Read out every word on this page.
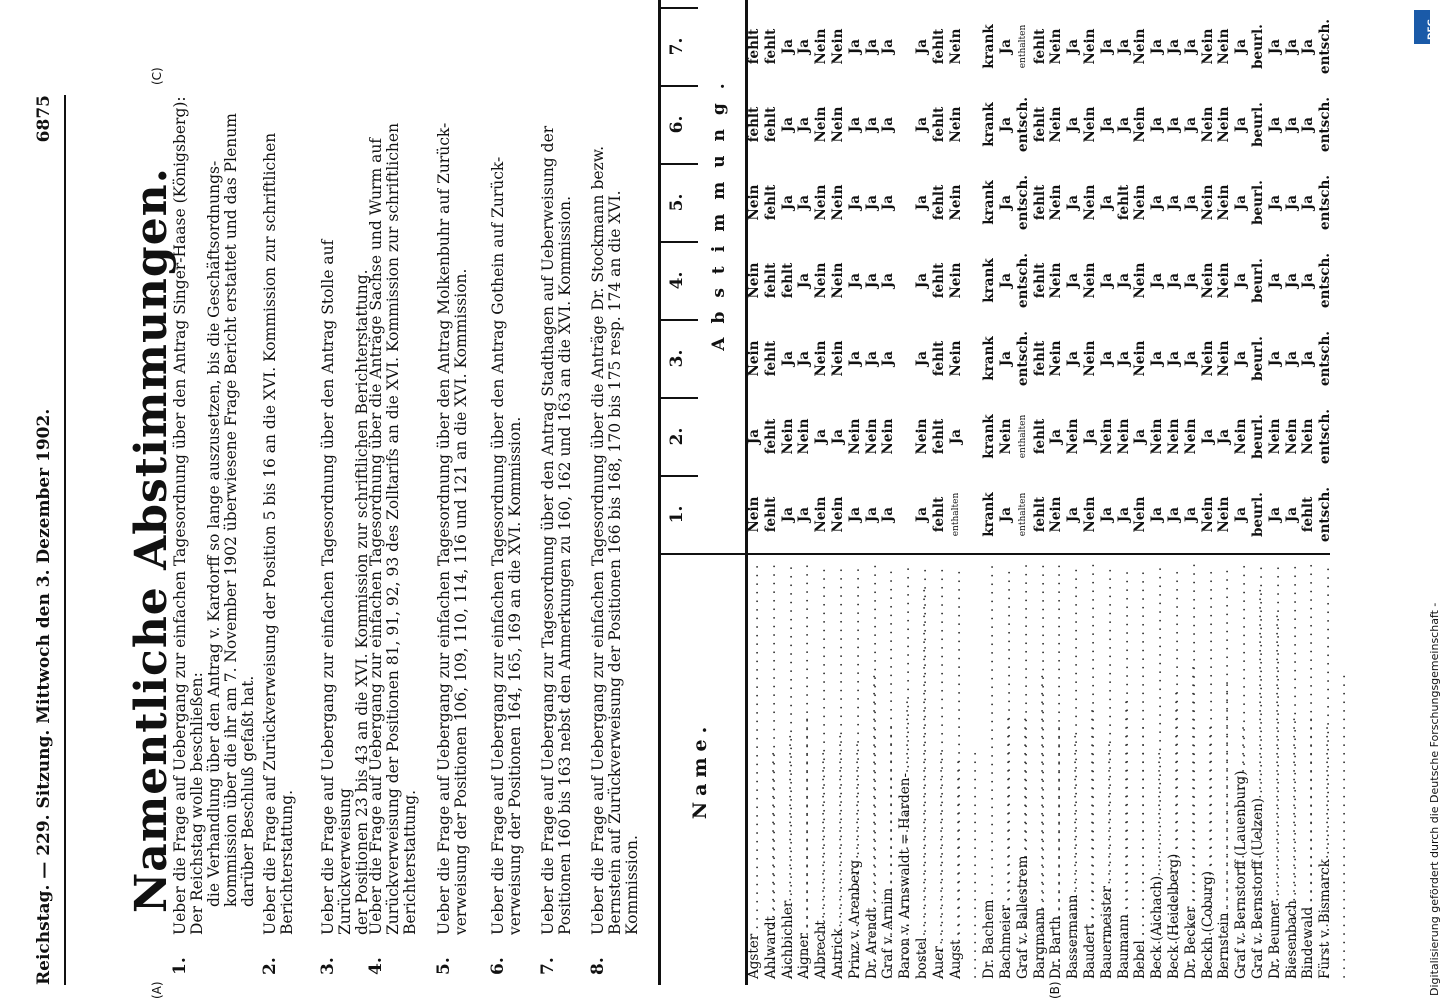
Reichstag. — 229. Sitzung. Mittwoch den 3. Dezember 1902.
6875
(A)
(C)
Namentliche Abstimmungen.
1.

Ueber die Frage auf Uebergang zur einfachen Tagesordnung über den Antrag Singer-Haase (Königsberg): Der Reichstag wolle beschließen: die Verhandlung über den Antrag v. Kardorff so lange auszusetzen, bis die Geschäftsordnungs- kommission über die ihr am 7. November 1902 überwiesene Frage Bericht erstattet und das Plenum darüber Beschluß gefaßt hat.

2.

Ueber die Frage auf Zurückverweisung der Position 5 bis 16 an die XVI. Kommission zur schriftlichen Berichterstattung.

3.

Ueber die Frage auf Uebergang zur einfachen Tagesordnung über den Antrag Stolle auf Zurückverweisung der Positionen 23 bis 43 an die XVI. Kommission zur schriftlichen Berichterstattung.

4.

Ueber die Frage auf Uebergang zur einfachen Tagesordnung über die Anträge Sachse und Wurm auf Zurückverweisung der Positionen 81, 91, 92, 93 des Zolltarifs an die XVI. Kommission zur schriftlichen Berichterstattung.

5.

Ueber die Frage auf Uebergang zur einfachen Tagesordnung über den Antrag Molkenbuhr auf Zurück- verweisung der Positionen 106, 109, 110, 114, 116 und 121 an die XVI. Kommission.

6.

Ueber die Frage auf Uebergang zur einfachen Tagesordnung über den Antrag Gothein auf Zurück- verweisung der Positionen 164, 165, 169 an die XVI. Kommission.

7.

Ueber die Frage auf Uebergang zur Tagesordnung über den Antrag Stadthagen auf Ueberweisung der Positionen 160 bis 163 nebst den Anmerkungen zu 160, 162 und 163 an die XVI. Kommission.

8.

Ueber die Frage auf Uebergang zur einfachen Tagesordnung über die Anträge Dr. Stockmann bezw. Bernstein auf Zurückverweisung der Positionen 166 bis 168, 170 bis 175 resp. 174 an die XVI. Kommission.

Name.
Abstimmung.
1.
2.
3.
4.
5.
6.
7.
Agster . . .
Nein
Ja
Nein
Nein
Nein
fehlt
fehlt
Ahlwardt . . .
fehlt
fehlt
fehlt
fehlt
fehlt
fehlt
fehlt
Aichbichler . . .
Ja
Nein
Ja
fehlt
Ja
Ja
Ja
Aigner . . .
Ja
Nein
Ja
Ja
Ja
Ja
Ja
Albrecht . . .
Nein
Ja
Nein
Nein
Nein
Nein
Nein
Antrick . . .
Nein
Ja
Nein
Nein
Nein
Nein
Nein
Prinz v. Arenberg . . .
Ja
Nein
Ja
Ja
Ja
Ja
Ja
Dr. Arendt . . .
Ja
Nein
Ja
Ja
Ja
Ja
Ja
Graf v. Arnim . . .
Ja
Nein
Ja
Ja
Ja
Ja
Ja
Baron v. Arnswaldt = Harden- . . . bostel . . .
Ja
Nein
Ja
Ja
Ja
Ja
Ja
Auer . . .
fehlt
fehlt
fehlt
fehlt
fehlt
fehlt
fehlt
Augst . . .
enthalten
Ja
Nein
Nein
Nein
Nein
Nein
Dr. Bachem . . .
krank
krank
krank
krank
krank
krank
krank
Bachmeier . . .
Ja
Nein
Ja
Ja
Ja
Ja
Ja
Graf v. Ballestrem . . .
enthalten
enthalten
entsch.
entsch.
entsch.
entsch.
enthalten
Bargmann . . .
fehlt
fehlt
fehlt
fehlt
fehlt
fehlt
fehlt
Dr. Barth . . .
Nein
Ja
Nein
Nein
Nein
Nein
Nein
Bassermann . . .
Ja
Nein
Ja
Ja
Ja
Ja
Ja
Baudert . . .
Nein
Ja
Nein
Nein
Nein
Nein
Nein
Bauermeister . . .
Ja
Nein
Ja
Ja
Ja
Ja
Ja
Baumann . . .
Ja
Nein
Ja
Ja
fehlt
Ja
Ja
Bebel . . .
Nein
Ja
Nein
Nein
Nein
Nein
Nein
Beck (Aichach) . . .
Ja
Nein
Ja
Ja
Ja
Ja
Ja
Beck (Heidelberg) . . .
Ja
Nein
Ja
Ja
Ja
Ja
Ja
Dr. Becker . . .
Ja
Nein
Ja
Ja
Ja
Ja
Ja
Beckh (Coburg) . . .
Nein
Ja
Nein
Nein
Nein
Nein
Nein
Bernstein . . .
Nein
Ja
Nein
Nein
Nein
Nein
Nein
Graf v. Bernstorff (Lauenburg) . . .
Ja
Nein
Ja
Ja
Ja
Ja
Ja
Graf v. Bernstorff (Uelzen) . . .
beurl.
beurl.
beurl.
beurl.
beurl.
beurl.
beurl.
Dr. Beumer . . .
Ja
Nein
Ja
Ja
Ja
Ja
Ja
Biesenbach . . .
Ja
Nein
Ja
Ja
Ja
Ja
Ja
Bindewald . . .
fehlt
Nein
Ja
Ja
Ja
Ja
Ja
Fürst v. Bismarck . . .
entsch.
entsch.
entsch.
entsch.
entsch.
entsch.
entsch.
(B)
DFG
Digitalisierung gefördert durch die Deutsche Forschungsgemeinschaft -
